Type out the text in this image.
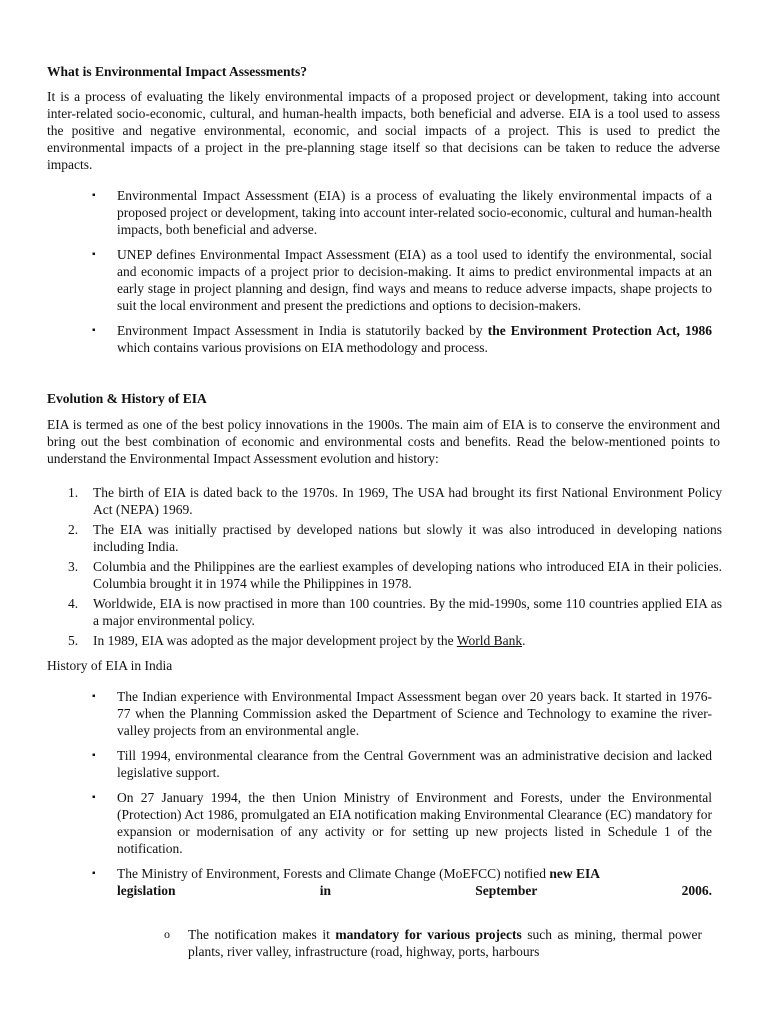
What is Environmental Impact Assessments?

It is a process of evaluating the likely environmental impacts of a proposed project or development, taking into account inter-related socio-economic, cultural, and human-health impacts, both beneficial and adverse. EIA is a tool used to assess the positive and negative environmental, economic, and social impacts of a project. This is used to predict the environmental impacts of a project in the pre-planning stage itself so that decisions can be taken to reduce the adverse impacts.

▪	Environmental Impact Assessment (EIA) is a process of evaluating the likely environmental impacts of a proposed project or development, taking into account inter-related socio-economic, cultural and human-health impacts, both beneficial and adverse.
▪	UNEP defines Environmental Impact Assessment (EIA) as a tool used to identify the environmental, social and economic impacts of a project prior to decision-making. It aims to predict environmental impacts at an early stage in project planning and design, find ways and means to reduce adverse impacts, shape projects to suit the local environment and present the predictions and options to decision-makers.
▪	Environment Impact Assessment in India is statutorily backed by the Environment Protection Act, 1986 which contains various provisions on EIA methodology and process.
Evolution & History of EIA

EIA is termed as one of the best policy innovations in the 1900s. The main aim of EIA is to conserve the environment and bring out the best combination of economic and environmental costs and benefits. Read the below-mentioned points to understand the Environmental Impact Assessment evolution and history:

1. The birth of EIA is dated back to the 1970s. In 1969, The USA had brought its first National Environment Policy Act (NEPA) 1969.
2. The EIA was initially practised by developed nations but slowly it was also introduced in developing nations including India.
3. Columbia and the Philippines are the earliest examples of developing nations who introduced EIA in their policies. Columbia brought it in 1974 while the Philippines in 1978.
4. Worldwide, EIA is now practised in more than 100 countries. By the mid-1990s, some 110 countries applied EIA as a major environmental policy.
5. In 1989, EIA was adopted as the major development project by the World Bank.

History of EIA in India

▪	The Indian experience with Environmental Impact Assessment began over 20 years back. It started in 1976-77 when the Planning Commission asked the Department of Science and Technology to examine the river-valley projects from an environmental angle.
▪	Till 1994, environmental clearance from the Central Government was an administrative decision and lacked legislative support.
▪	On 27 January 1994, the then Union Ministry of Environment and Forests, under the Environmental (Protection) Act 1986, promulgated an EIA notification making Environmental Clearance (EC) mandatory for expansion or modernisation of any activity or for setting up new projects listed in Schedule 1 of the notification.
▪	The Ministry of Environment, Forests and Climate Change (MoEFCC) notified new EIA
legislation	in	September	2006.
o The notification makes it mandatory for various projects such as mining, thermal power plants, river valley, infrastructure (road, highway, ports, harbours
